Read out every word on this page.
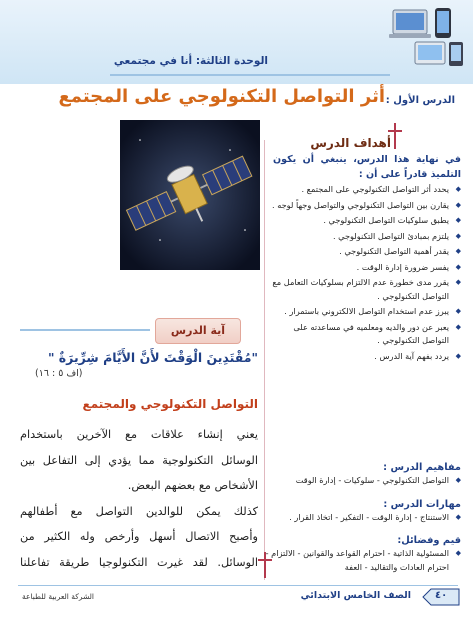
الوحدة الثالثة: أنا في مجتمعي
الدرس الأول :
أثر التواصل التكنولوجي على المجتمع
أهداف الدرس
في نهاية هذا الدرس، ينبغي أن يكون التلميذ قادراً على أن :
◆ يحدد أثر التواصل التكنولوجي على المجتمع .
◆ يقارن بين التواصل التكنولوجي والتواصل وجهاً لوجه .
◆ يطبق سلوكيات التواصل التكنولوجي .
◆ يلتزم بمبادئ التواصل التكنولوجي .
◆ يقدر أهمية التواصل التكنولوجي .
◆ يفسر ضرورة إدارة الوقت .
◆ يقرر مدى خطورة عدم الالتزام بسلوكيات التعامل مع التواصل التكنولوجي .
◆ يبرز عدم استخدام التواصل الالكتروني باستمرار .
◆ يعبر عن دور والديه ومعلميه في مساعدته على التواصل التكنولوجي .
◆ يردد بفهم آية الدرس .
مفاهيم الدرس :
◆ التواصل التكنولوجي - سلوكيات - إدارة الوقت
مهارات الدرس :
◆ الاستنتاج - إدارة الوقت - التفكير - اتخاذ القرار .
قيم وفضائل:
◆ المسئولية الذاتية - احترام القواعد والقوانين - الالتزام - احترام العادات والتقاليد - العفة
آية الدرس
"مُقْتَدِينَ الْوَقْتَ لأَنَّ الأَيَّامَ شِرِّيرَةٌ "
(اف ٥ : ١٦)
التواصل التكنولوجي والمجتمع

يعني إنشاء علاقات مع الآخرين باستخدام

الوسائل التكنولوجية مما يؤدي إلى التفاعل بين

الأشخاص مع بعضهم البعض.

كذلك يمكن للوالدين التواصل مع أطفالهم

وأصبح الاتصال أسهل وأرخص وله الكثير من

الوسائل. لقد غيرت التكنولوجيا طريقة تفاعلنا

٤٠
الصف الخامس الابتدائي
الشركة العربية للطباعة
